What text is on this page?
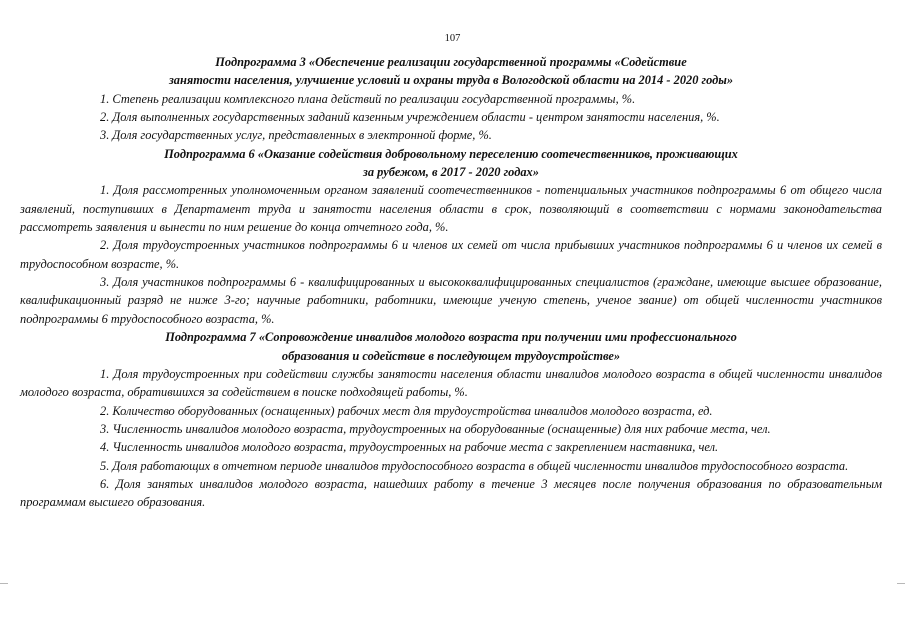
107

Подпрограмма 3 «Обеспечение реализации государственной программы «Содействие
занятости населения, улучшение условий и охраны труда в Вологодской области на 2014 - 2020 годы»

1. Степень реализации комплексного плана действий по реализации государственной программы, %.

2. Доля выполненных государственных заданий казенным учреждением области - центром занятости населения, %.

3. Доля государственных услуг, представленных в электронной форме, %.

Подпрограмма 6 «Оказание содействия добровольному переселению соотечественников, проживающих
за рубежом, в 2017 - 2020 годах»

1. Доля рассмотренных уполномоченным органом заявлений соотечественников - потенциальных участников подпрограммы 6 от общего числа заявлений, поступивших в Департамент труда и занятости населения области в срок, позволяющий в соответствии с нормами законодательства рассмотреть заявления и вынести по ним решение до конца отчетного года, %.

2. Доля трудоустроенных участников подпрограммы 6 и членов их семей от числа прибывших участников подпрограммы 6 и членов их семей в трудоспособном возрасте, %.

3. Доля участников подпрограммы 6 - квалифицированных и высококвалифицированных специалистов (граждане, имеющие высшее образование, квалификационный разряд не ниже 3-го; научные работники, работники, имеющие ученую степень, ученое звание) от общей численности участников подпрограммы 6 трудоспособного возраста, %.

Подпрограмма 7 «Сопровождение инвалидов молодого возраста при получении ими профессионального
образования и содействие в последующем трудоустройстве»

1. Доля трудоустроенных при содействии службы занятости населения области инвалидов молодого возраста в общей численности инвалидов молодого возраста, обратившихся за содействием в поиске подходящей работы, %.

2. Количество оборудованных (оснащенных) рабочих мест для трудоустройства инвалидов молодого возраста, ед.

3. Численность инвалидов молодого возраста, трудоустроенных на оборудованные (оснащенные) для них рабочие места, чел.

4. Численность инвалидов молодого возраста, трудоустроенных на рабочие места с закреплением наставника, чел.

5. Доля работающих в отчетном периоде инвалидов трудоспособного возраста в общей численности инвалидов трудоспособного возраста.

6. Доля занятых инвалидов молодого возраста, нашедших работу в течение 3 месяцев после получения образования по образовательным программам высшего образования.
